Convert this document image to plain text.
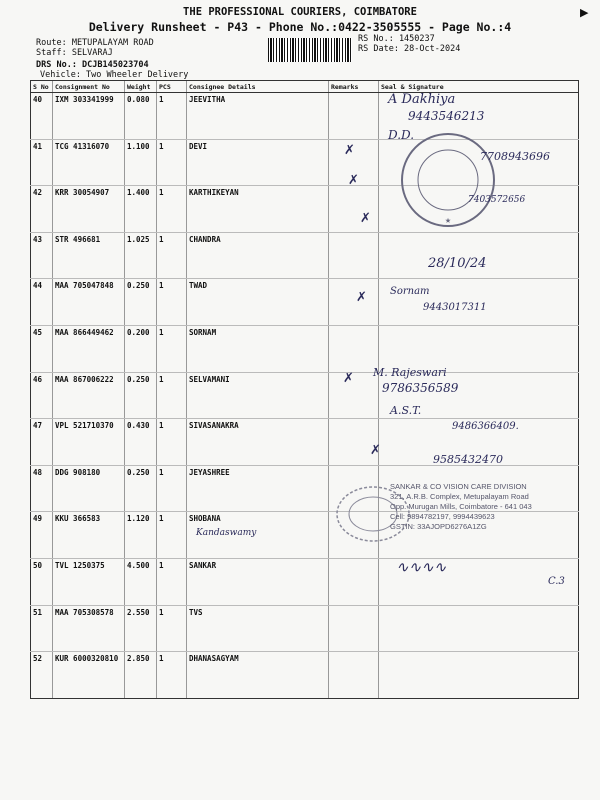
▶
THE PROFESSIONAL COURIERS, COIMBATORE
Delivery Runsheet - P43 - Phone No.:0422-3505555 - Page No.:4
Route: METUPALAYAM ROAD
Staff: SELVARAJ
DRS No.: DCJB145023704
Vehicle: Two Wheeler Delivery
RS No.: 1450237
RS Date: 28-Oct-2024
S No	Consignment No	Weight	PCS	Consignee Details	Remarks	Seal & Signature
40	IXM 303341999	0.080	1	JEEVITHA		
41	TCG 41316070	1.100	1	DEVI		
42	KRR 30054907	1.400	1	KARTHIKEYAN		
43	STR 496681	1.025	1	CHANDRA		
44	MAA 705047848	0.250	1	TWAD		
45	MAA 866449462	0.200	1	SORNAM		
46	MAA 867006222	0.250	1	SELVAMANI		
47	VPL 521710370	0.430	1	SIVASANAKRA		
48	DDG 908180	0.250	1	JEYASHREE		
49	KKU 366583	1.120	1	SHOBANA		
50	TVL 1250375	4.500	1	SANKAR		
51	MAA 705308578	2.550	1	TVS		
52	KUR 6000320810	2.850	1	DHANASAGYAM		
★
SANKAR & CO VISION CARE DIVISION
321, A.R.B. Complex, Metupalayam Road
Opp. Murugan Mills, Coimbatore - 641 043
Cell: 9894782197, 9994439623
GSTIN: 33AJOPD6276A1ZG
A Dakhiya
9443546213
✗
D.D.
7708943696
✗
✗
7403572656
28/10/24
✗ Sornam
9443017311
✗ M. Rajeswari
9786356589
A.S.T.
9486366409.
✗
9585432470
Kandaswamy
∿∿∿∿
C.3
